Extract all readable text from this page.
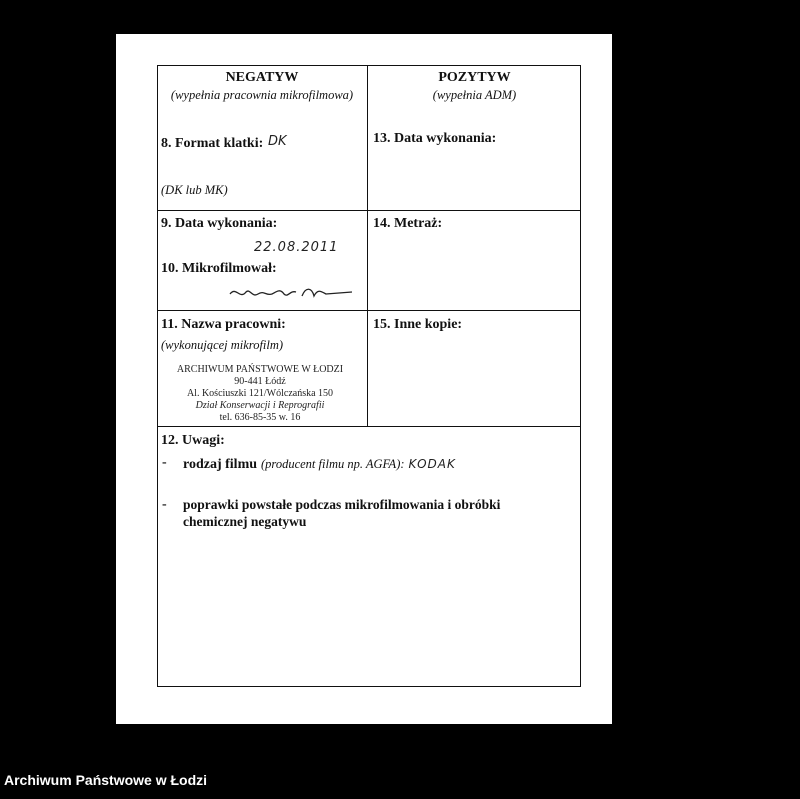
NEGATYW
(wypełnia pracownia mikrofilmowa)
POZYTYW
(wypełnia ADM)
8. Format klatki: DK
(DK lub MK)
13. Data wykonania:
9. Data wykonania:
22.08.2011
10. Mikrofilmował:
14. Metraż:
11. Nazwa pracowni:
(wykonującej mikrofilm)
ARCHIWUM PAŃSTWOWE W ŁODZI
90-441 Łódź
Al. Kościuszki 121/Wólczańska 150
Dział Konserwacji i Reprografii
tel. 636-85-35 w. 16
15. Inne kopie:
12. Uwagi:
- rodzaj filmu (producent filmu np. AGFA): KODAK
- poprawki powstałe podczas mikrofilmowania i obróbki
chemicznej negatywu
Archiwum Państwowe w Łodzi
